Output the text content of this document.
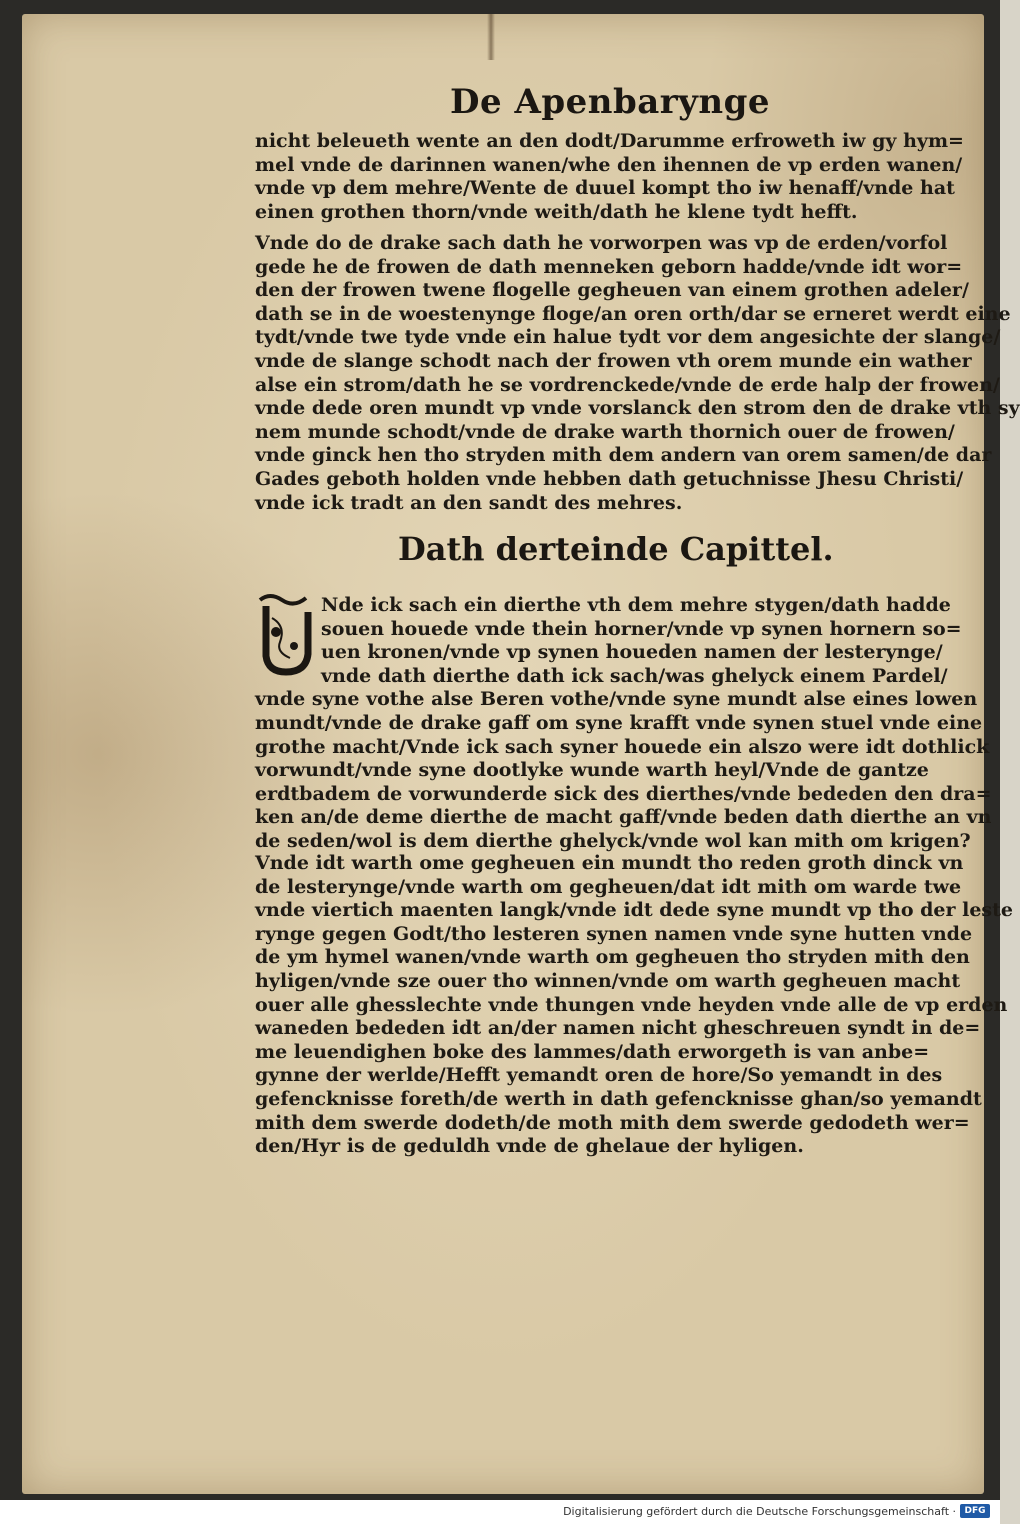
De Apenbarynge
nicht beleueth wente an den dodt/Darumme erfroweth iw gy hym=
mel vnde de darinnen wanen/whe den ihennen de vp erden wanen/
vnde vp dem mehre/Wente de duuel kompt tho iw henaff/vnde hat
einen grothen thorn/vnde weith/dath he klene tydt hefft.
Vnde do de drake sach dath he vorworpen was vp de erden/vorfol
gede he de frowen de dath menneken geborn hadde/vnde idt wor=
den der frowen twene flogelle gegheuen van einem grothen adeler/
dath se in de woestenynge floge/an oren orth/dar se erneret werdt eine
tydt/vnde twe tyde vnde ein halue tydt vor dem angesichte der slange/
vnde de slange schodt nach der frowen vth orem munde ein wather
alse ein strom/dath he se vordrenckede/vnde de erde halp der frowen/
vnde dede oren mundt vp vnde vorslanck den strom den de drake vth sy
nem munde schodt/vnde de drake warth thornich ouer de frowen/
vnde ginck hen tho stryden mith dem andern van orem samen/de dar
Gades geboth holden vnde hebben dath getuchnisse Jhesu Christi/
vnde ick tradt an den sandt des mehres.
Dath derteinde Capittel.
Nde ick sach ein dierthe vth dem mehre stygen/dath hadde
souen houede vnde thein horner/vnde vp synen hornern so=
uen kronen/vnde vp synen houeden namen der lesterynge/
vnde dath dierthe dath ick sach/was ghelyck einem Pardel/
vnde syne vothe alse Beren vothe/vnde syne mundt alse eines lowen
mundt/vnde de drake gaff om syne krafft vnde synen stuel vnde eine
grothe macht/Vnde ick sach syner houede ein alszo were idt dothlick
vorwundt/vnde syne dootlyke wunde warth heyl/Vnde de gantze
erdtbadem de vorwunderde sick des dierthes/vnde bededen den dra=
ken an/de deme dierthe de macht gaff/vnde beden dath dierthe an vn
de seden/wol is dem dierthe ghelyck/vnde wol kan mith om krigen?
Vnde idt warth ome gegheuen ein mundt tho reden groth dinck vn
de lesterynge/vnde warth om gegheuen/dat idt mith om warde twe
vnde viertich maenten langk/vnde idt dede syne mundt vp tho der leste
rynge gegen Godt/tho lesteren synen namen vnde syne hutten vnde
de ym hymel wanen/vnde warth om gegheuen tho stryden mith den
hyligen/vnde sze ouer tho winnen/vnde om warth gegheuen macht
ouer alle ghesslechte vnde thungen vnde heyden vnde alle de vp erden
waneden bededen idt an/der namen nicht gheschreuen syndt in de=
me leuendighen boke des lammes/dath erworgeth is van anbe=
gynne der werlde/Hefft yemandt oren de hore/So yemandt in des
gefencknisse foreth/de werth in dath gefencknisse ghan/so yemandt
mith dem swerde dodeth/de moth mith dem swerde gedodeth wer=
den/Hyr is de geduldh vnde de ghelaue der hyligen.
Digitalisierung gefördert durch die Deutsche Forschungsgemeinschaft · DFG
